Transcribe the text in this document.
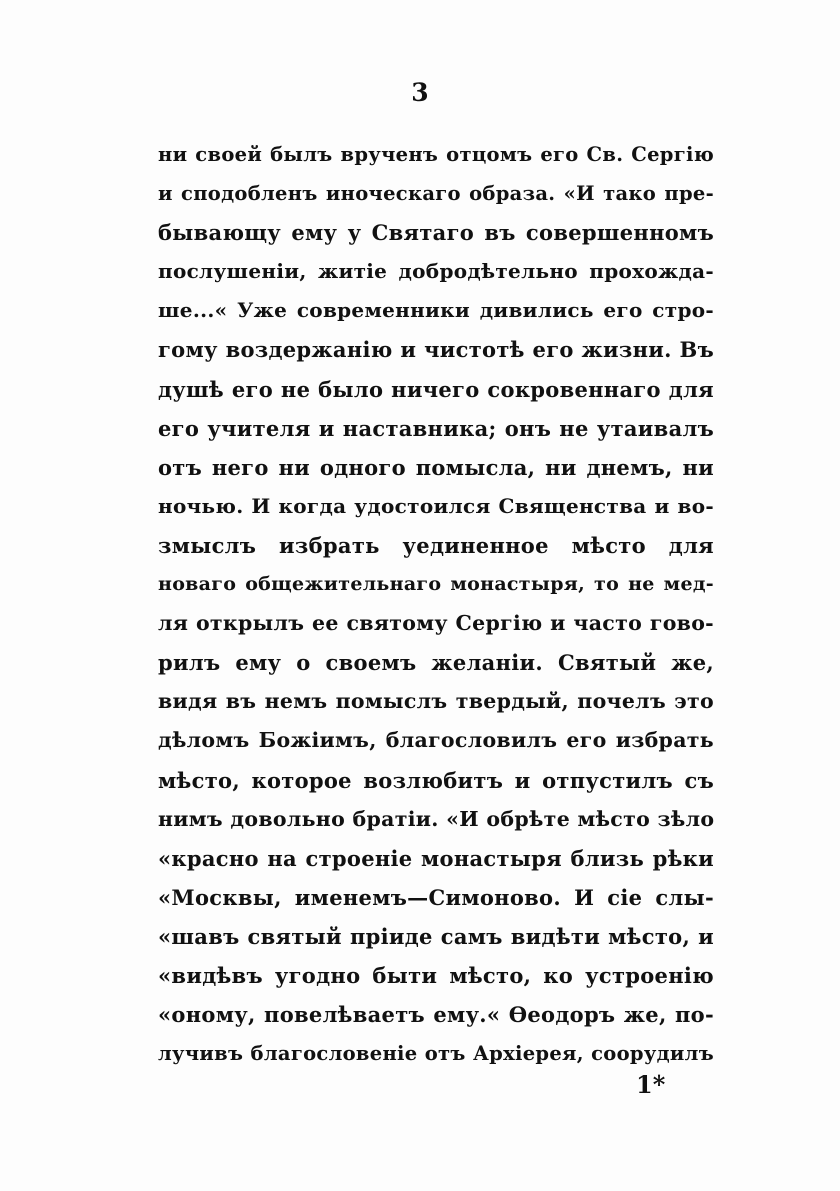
3
ни своей былъ врученъ отцомъ его Св. Сергію
и сподобленъ иноческаго образа. «И тако пре-
бывающу ему у Святаго въ совершенномъ
послушеніи, житіе добродѣтельно прохожда-
ше...« Уже современники дивились его стро-
гому воздержанію и чистотѣ его жизни. Въ
душѣ его не было ничего сокровеннаго для
его учителя и наставника; онъ не утаивалъ
отъ него ни одного помысла, ни днемъ, ни
ночью. И когда удостоился Священства и во-
змыслъ избрать уединенное мѣсто для
новаго общежительнаго монастыря, то не мед-
ля открылъ ее святому Сергію и часто гово-
рилъ ему о своемъ желаніи. Святый же,
видя въ немъ помыслъ твердый, почелъ это
дѣломъ Божіимъ, благословилъ его избрать
мѣсто, которое возлюбитъ и отпустилъ съ
нимъ довольно братіи. «И обрѣте мѣсто зѣло
«красно на строеніе монастыря близь рѣки
«Москвы, именемъ—Симоново. И сіе слы-
«шавъ святый пріиде самъ видѣти мѣсто, и
«видѣвъ угодно быти мѣсто, ко устроенію
«оному, повелѣваетъ ему.« Ѳеодоръ же, по-
лучивъ благословеніе отъ Архіерея, соорудилъ
1*
